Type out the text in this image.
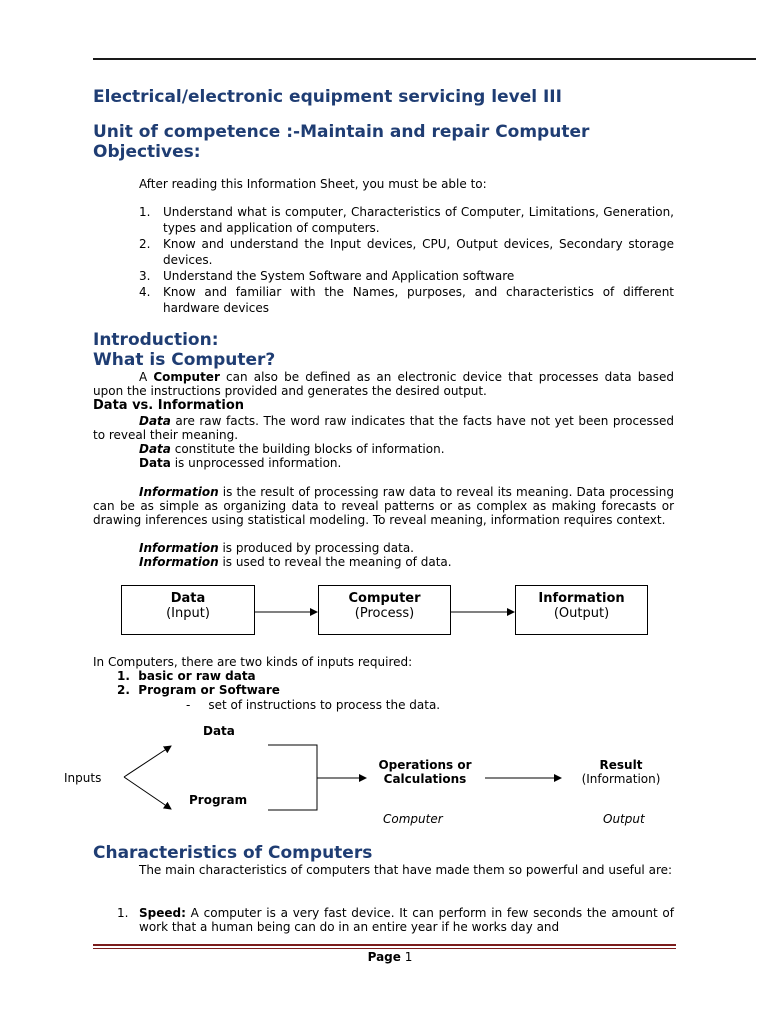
Electrical/electronic equipment servicing level III
Unit of competence :-Maintain and repair Computer
Objectives:
After reading this Information Sheet, you must be able to:
1. Understand what is computer, Characteristics of Computer, Limitations, Generation, types and application of computers.
2. Know and understand the Input devices, CPU, Output devices, Secondary storage devices.
3. Understand the System Software and Application software
4. Know and familiar with the Names, purposes, and characteristics of different hardware devices
Introduction:
What is Computer?
A Computer can also be defined as an electronic device that processes data based upon the instructions provided and generates the desired output.
Data vs. Information
Data are raw facts. The word raw indicates that the facts have not yet been processed to reveal their meaning.
Data constitute the building blocks of information.
Data is unprocessed information.
Information is the result of processing raw data to reveal its meaning. Data processing can be as simple as organizing data to reveal patterns or as complex as making forecasts or drawing inferences using statistical modeling. To reveal meaning, information requires context.
Information is produced by processing data.
Information is used to reveal the meaning of data.
Data
(Input)
Computer
(Process)
Information
(Output)
In Computers, there are two kinds of inputs required:
1. basic or raw data
2. Program or Software
- set of instructions to process the data.
Inputs
Data
Program
Operations or
Calculations
Result
(Information)
Computer	Output
Characteristics of Computers
The main characteristics of computers that have made them so powerful and useful are:
1. Speed: A computer is a very fast device. It can perform in few seconds the amount of work that a human being can do in an entire year if he works day and
Page 1
